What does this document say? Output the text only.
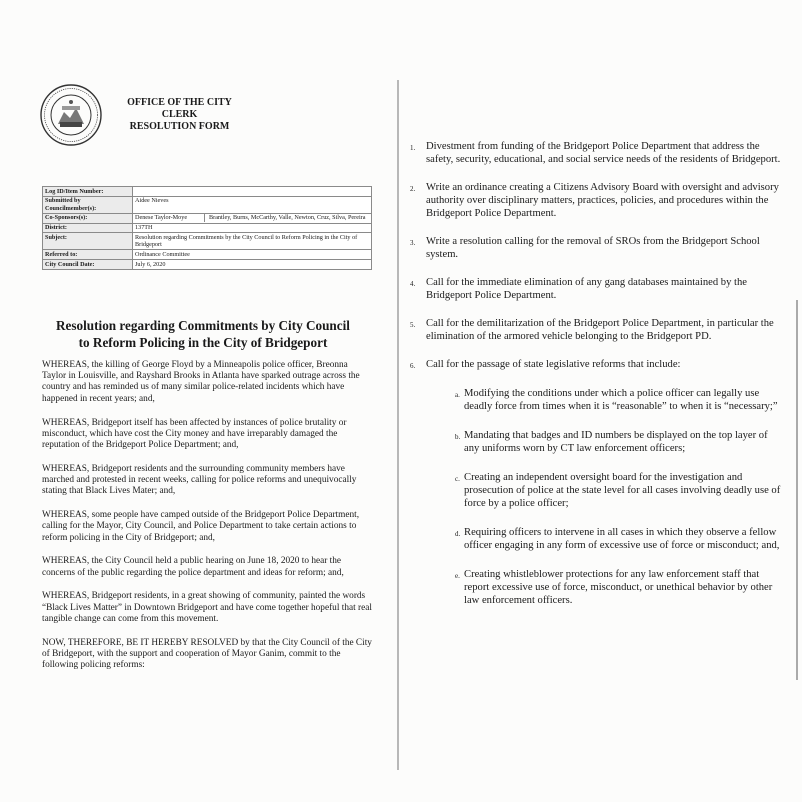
OFFICE OF THE CITY
CLERK
RESOLUTION FORM
Log ID/Item Number:	
Submitted by Councilmember(s):	Aidee Nieves
Co-Sponsors(s):	Denese Taylor-Moye Brantley, Burns, McCarthy, Valle, Newton, Cruz, Silva, Pereira

District:	137TH
Subject:	Resolution regarding Commitments by the City Council to Reform Policing in the City of Bridgeport
Referred to:	Ordinance Committee
City Council Date:	July 6, 2020
Resolution regarding Commitments by City Council
to Reform Policing in the City of Bridgeport

WHEREAS, the killing of George Floyd by a Minneapolis police officer, Breonna Taylor in Louisville, and Rayshard Brooks in Atlanta have sparked outrage across the country and has reminded us of many similar police-related incidents which have happened in recent years; and,

WHEREAS, Bridgeport itself has been affected by instances of police brutality or misconduct, which have cost the City money and have irreparably damaged the reputation of the Bridgeport Police Department; and,

WHEREAS, Bridgeport residents and the surrounding community members have marched and protested in recent weeks, calling for police reforms and unequivocally stating that Black Lives Mater; and,

WHEREAS, some people have camped outside of the Bridgeport Police Department, calling for the Mayor, City Council, and Police Department to take certain actions to reform policing in the City of Bridgeport; and,

WHEREAS, the City Council held a public hearing on June 18, 2020 to hear the concerns of the public regarding the police department and ideas for reform; and,

WHEREAS, Bridgeport residents, in a great showing of community, painted the words “Black Lives Matter” in Downtown Bridgeport and have come together hopeful that real tangible change can come from this movement.

NOW, THEREFORE, BE IT HEREBY RESOLVED by that the City Council of the City of Bridgeport, with the support and cooperation of Mayor Ganim, commit to the following policing reforms:

1 . Divestment from funding of the Bridgeport Police Department that address the safety, security, educational, and social service needs of the residents of Bridgeport.
2 . Write an ordinance creating a Citizens Advisory Board with oversight and advisory authority over disciplinary matters, practices, policies, and procedures within the Bridgeport Police Department.
3 . Write a resolution calling for the removal of SROs from the Bridgeport School system.
4 . Call for the immediate elimination of any gang databases maintained by the Bridgeport Police Department.
5 . Call for the demilitarization of the Bridgeport Police Department, in particular the elimination of the armored vehicle belonging to the Bridgeport PD.
6 . Call for the passage of state legislative reforms that include:
a . Modifying the conditions under which a police officer can legally use deadly force from times when it is “reasonable” to when it is “necessary;”
b . Mandating that badges and ID numbers be displayed on the top layer of any uniforms worn by CT law enforcement officers;
c . Creating an independent oversight board for the investigation and prosecution of police at the state level for all cases involving deadly use of force by a police officer;
d . Requiring officers to intervene in all cases in which they observe a fellow officer engaging in any form of excessive use of force or misconduct; and,
e . Creating whistleblower protections for any law enforcement staff that report excessive use of force, misconduct, or unethical behavior by other law enforcement officers.
